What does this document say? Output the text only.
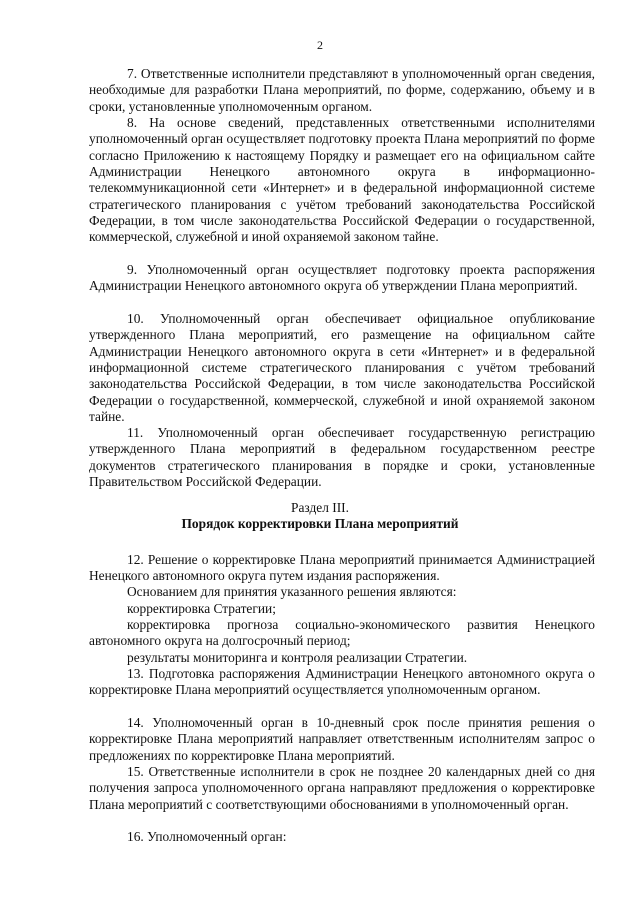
2

7. Ответственные исполнители представляют в уполномоченный орган сведения, необходимые для разработки Плана мероприятий, по форме, содержанию, объему и в сроки, установленные уполномоченным органом.

8. На основе сведений, представленных ответственными исполнителями уполномоченный орган осуществляет подготовку проекта Плана мероприятий по форме согласно Приложению к настоящему Порядку и размещает его на официальном сайте Администрации Ненецкого автономного округа в информационно-телекоммуникационной сети «Интернет» и в федеральной информационной системе стратегического планирования с учётом требований законодательства Российской Федерации, в том числе законодательства Российской Федерации о государственной, коммерческой, служебной и иной охраняемой законом тайне.

9. Уполномоченный орган осуществляет подготовку проекта распоряжения Администрации Ненецкого автономного округа об утверждении Плана мероприятий.

10. Уполномоченный орган обеспечивает официальное опубликование утвержденного Плана мероприятий, его размещение на официальном сайте Администрации Ненецкого автономного округа в сети «Интернет» и в федеральной информационной системе стратегического планирования с учётом требований законодательства Российской Федерации, в том числе законодательства Российской Федерации о государственной, коммерческой, служебной и иной охраняемой законом тайне.

11. Уполномоченный орган обеспечивает государственную регистрацию утвержденного Плана мероприятий в федеральном государственном реестре документов стратегического планирования в порядке и сроки, установленные Правительством Российской Федерации.

Раздел III.

Порядок корректировки Плана мероприятий

12. Решение о корректировке Плана мероприятий принимается Администрацией Ненецкого автономного округа путем издания распоряжения.

Основанием для принятия указанного решения являются:

корректировка Стратегии;

корректировка прогноза социально-экономического развития Ненецкого автономного округа на долгосрочный период;

результаты мониторинга и контроля реализации Стратегии.

13. Подготовка распоряжения Администрации Ненецкого автономного округа о корректировке Плана мероприятий осуществляется уполномоченным органом.

14. Уполномоченный орган в 10-дневный срок после принятия решения о корректировке Плана мероприятий направляет ответственным исполнителям запрос о предложениях по корректировке Плана мероприятий.

15. Ответственные исполнители в срок не позднее 20 календарных дней со дня получения запроса уполномоченного органа направляют предложения о корректировке Плана мероприятий с соответствующими обоснованиями в уполномоченный орган.

16. Уполномоченный орган:
